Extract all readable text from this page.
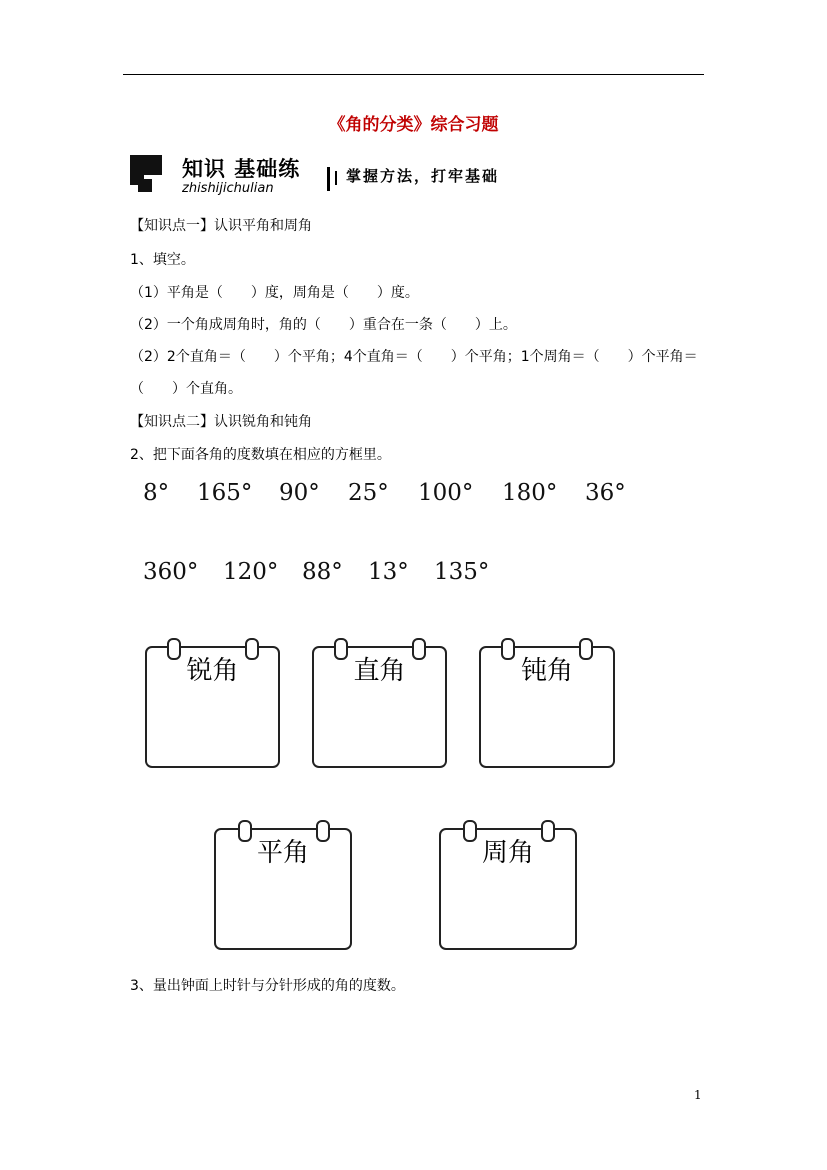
《角的分类》综合习题
知识 基础练
zhishijichulian
掌握方法，打牢基础
【知识点一】认识平角和周角
1、填空。
（1）平角是（　　）度，周角是（　　）度。
（2）一个角成周角时，角的（　　）重合在一条（　　）上。
（2）2个直角＝（　　）个平角；4个直角＝（　　）个平角；1个周角＝（　　）个平角＝
（　　）个直角。
【知识点二】认识锐角和钝角
2、把下面各角的度数填在相应的方框里。
8° 165° 90° 25° 100° 180° 36°
360° 120° 88° 13° 135°
锐角	直角	钝角
平角	周角
3、量出钟面上时针与分针形成的角的度数。
1
